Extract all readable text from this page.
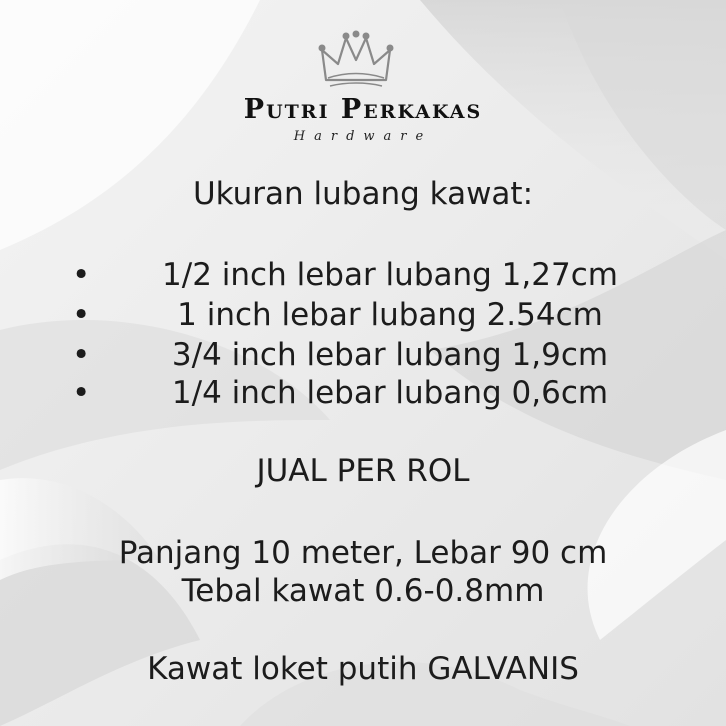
Putri Perkakas
Hardware
Ukuran lubang kawat:
•	1/2 inch lebar lubang 1,27cm
•	1 inch lebar lubang 2.54cm
•	3/4 inch lebar lubang 1,9cm
•	1/4 inch lebar lubang 0,6cm
JUAL PER ROL
Panjang 10 meter, Lebar 90 cm
Tebal kawat 0.6-0.8mm
Kawat loket putih GALVANIS
